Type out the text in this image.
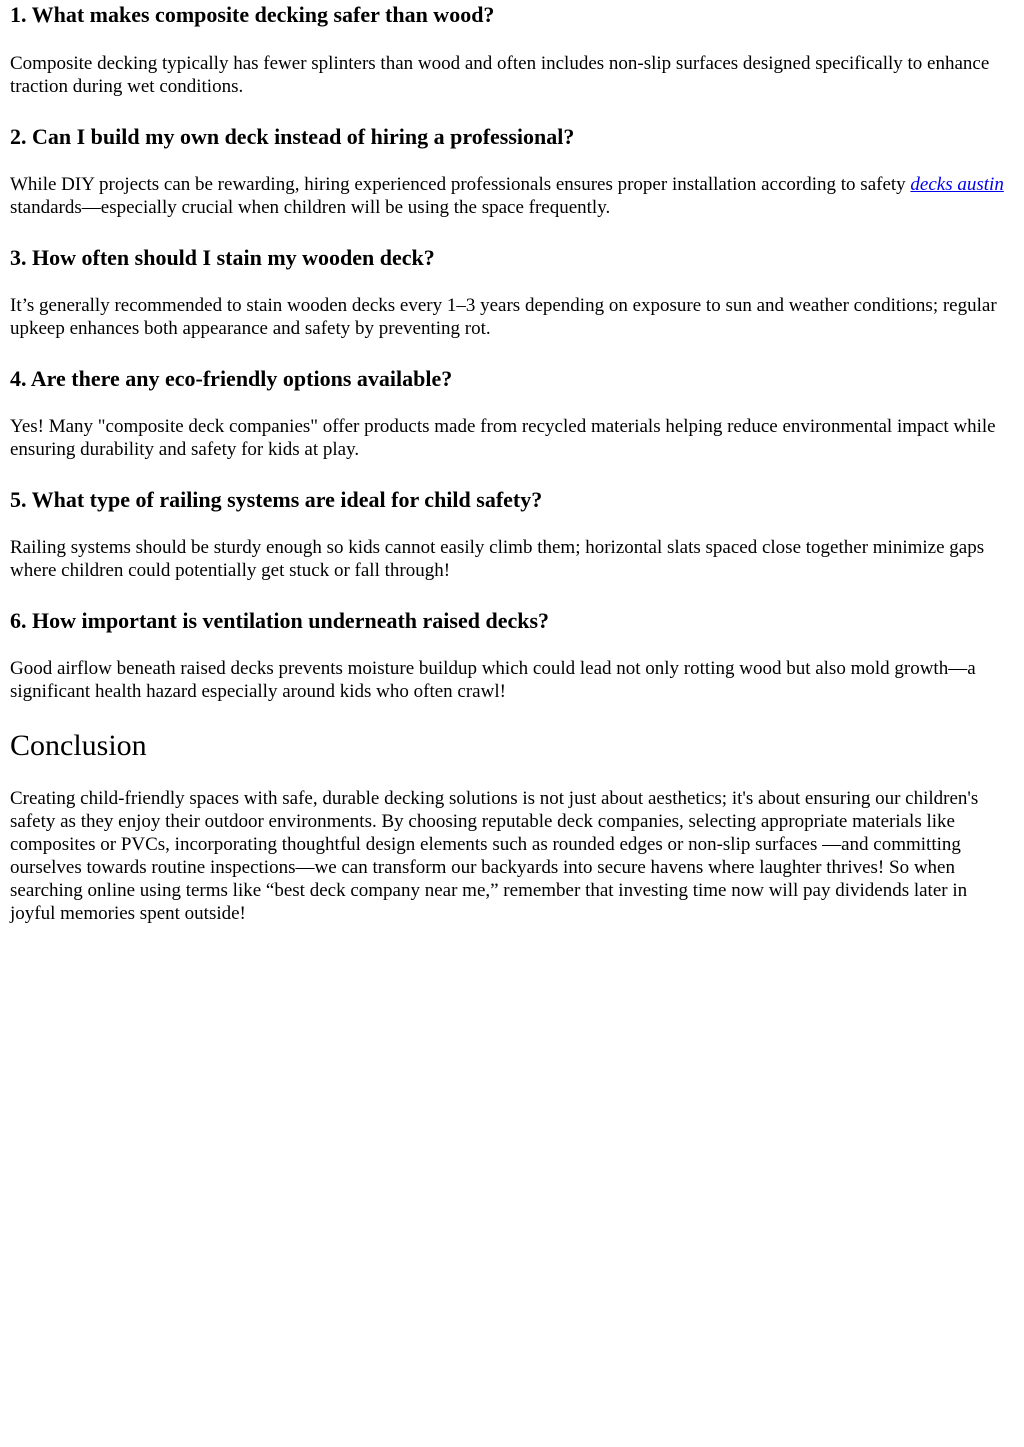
1. What makes composite decking safer than wood?

Composite decking typically has fewer splinters than wood and often includes non-slip surfaces designed specifically to enhance traction during wet conditions.

2. Can I build my own deck instead of hiring a professional?

While DIY projects can be rewarding, hiring experienced professionals ensures proper installation according to safety decks austin standards—especially crucial when children will be using the space frequently.

3. How often should I stain my wooden deck?

It’s generally recommended to stain wooden decks every 1–3 years depending on exposure to sun and weather conditions; regular upkeep enhances both appearance and safety by preventing rot.

4. Are there any eco-friendly options available?

Yes! Many "composite deck companies" offer products made from recycled materials helping reduce environmental impact while ensuring durability and safety for kids at play.

5. What type of railing systems are ideal for child safety?

Railing systems should be sturdy enough so kids cannot easily climb them; horizontal slats spaced close together minimize gaps where children could potentially get stuck or fall through!

6. How important is ventilation underneath raised decks?

Good airflow beneath raised decks prevents moisture buildup which could lead not only rotting wood but also mold growth—a significant health hazard especially around kids who often crawl!

Conclusion

Creating child-friendly spaces with safe, durable decking solutions is not just about aesthetics; it's about ensuring our children's safety as they enjoy their outdoor environments. By choosing reputable deck companies, selecting appropriate materials like composites or PVCs, incorporating thoughtful design elements such as rounded edges or non-slip surfaces —and committing ourselves towards routine inspections—we can transform our backyards into secure havens where laughter thrives! So when searching online using terms like “best deck company near me,” remember that investing time now will pay dividends later in joyful memories spent outside!
